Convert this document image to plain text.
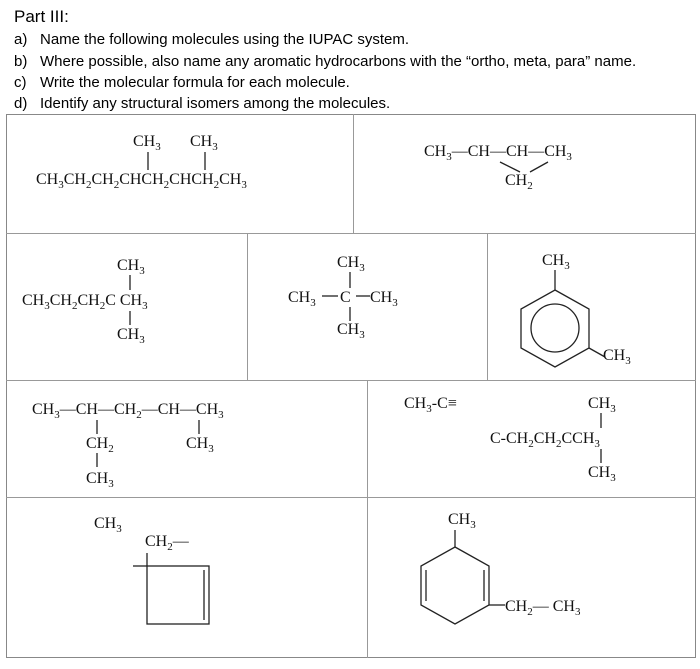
Part III:
a) Name the following molecules using the IUPAC system.
b) Where possible, also name any aromatic hydrocarbons with the “ortho, meta, para” name.
c) Write the molecular formula for each molecule.
d) Identify any structural isomers among the molecules.
$CH_3$ $CH_3$
$CH_3CH_2CH_2CHCH_2CHCH_2CH_3$
$CH_3—CH—CH—CH_3$
$CH_2$
$CH_3$
$CH_3CH_2CH_2C$ $CH_3$
$CH_3$
$CH_3$
$CH_3$ C $CH_3$
$CH_3$
$CH_3$
$CH_3$
$CH_3—CH—CH_2—CH—CH_3$
$CH_2$
$CH_3$
$CH_3$
$CH_3-C\equiv$	$CH_3$
$C-CH_2CH_2CCH_3$
$CH_3$
$CH_3$
$CH_2—$
$CH_3$
$CH_2—$ $CH_3$
